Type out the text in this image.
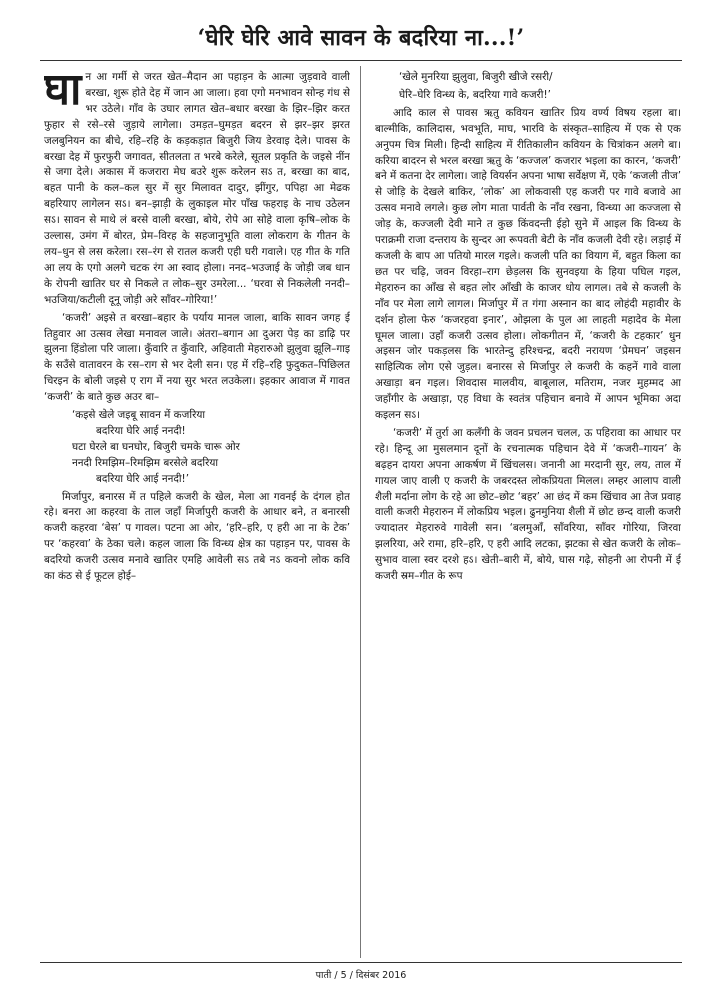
‘घेरि घेरि आवे सावन के बदरिया ना...!’

घान आ गर्मी से जरत खेत–मैदान आ पहाड़न के आत्मा जुड़वावे वाली बरखा, शुरू होते देह में जान आ जाला। हवा एगो मनभावन सोन्ह गंध से भर उठेले। गाँव के उघार लागत खेत–बधार बरखा के झिर–झिर करत फुहार से रसे–रसे जुड़ाये लागेला। उमड़त–घुमड़त बदरन से झर–झर झरत जलबुनियन का बीचे, रहि–रहि के कड़कड़ात बिजुरी जिय डेरवाइ देले। पावस के बरखा देह में फुरफुरी जगावत, सीतलता त भरबे करेले, सूतल प्रकृति के जइसे नींन से जगा देले। अकास में कजरारा मेघ बउरे शुरू करेलन सऽ त, बरखा का बाद, बहत पानी के कल–कल सुर में सुर मिलावत दादुर, झींगुर, पपिहा आ मेढक बहरियाए लागेलन सऽ। बन–झाड़ी के लुकाइल मोर पाँख फहराइ के नाच उठेलन सऽ। सावन से माथे लं बरसे वाली बरखा, बोये, रोपे आ सोहे वाला कृषि–लोक के उल्लास, उमंग में बोरत, प्रेम–विरह के सहजानुभूति वाला लोकराग के गीतन के लय–धुन से लस करेला। रस–रंग से रातल कजरी एही घरी गवाले। एह गीत के गति आ लय के एगो अलगे चटक रंग आ स्वाद होला। ननद–भउजाई के जोड़ी जब धान के रोपनी खातिर घर से निकले त लोक–सुर उमरेला... ‘घरवा से निकलेली ननदी–भउजिया/कटीली दूनू जोड़ी अरे साँवर–गोरिया!’

‘कजरी’ अइसे त बरखा–बहार के पर्याय मानल जाला, बाकि सावन जगह ई तिहुवार आ उत्सव लेखा मनावल जाले। अंतरा–बगान आ दुअरा पेड़ का डाढ़ि पर झुलना हिंडोला परि जाला। कुँवारि त कुँवारि, अहिवाती मेहरारुओ झुलुवा झूलि–गाइ के सउँसे वातावरन के रस–राग से भर देली सन। एह में रहि–रहि फुदुकत–पिछिलत चिरइन के बोली जइसे ए राग में नया सुर भरत लउकेला। इहकार आवाज में गावत ‘कजरी’ के बाते कुछ अउर बा–

‘कइसे खेले जइबू सावन में कजरिया
बदरिया घेरि आई ननदी!
घटा घेरले बा घनघोर, बिजुरी चमके चारू ओर
ननदी रिमझिम–रिमझिम बरसेले बदरिया
बदरिया घेरि आई ननदी!’

मिर्जापुर, बनारस में त पहिले कजरी के खेल, मेला आ गवनई के दंगल होत रहे। बनरा आ कहरवा के ताल जहाँ मिर्जापुरी कजरी के आधार बने, त बनारसी कजरी कहरवा ‘बेस’ प गावल। पटना आ ओर, ‘हरि–हरि, ए हरी आ ना के टेक’ पर ‘कहरवा’ के ठेका चले। कहल जाला कि विन्ध्य क्षेत्र का पहाड़न पर, पावस के बदरियो कजरी उत्सव मनावे खातिर एमहि आवेली सऽ तबे नऽ कवनो लोक कवि का कंठ से ई फूटल होई–

‘खेले मुनरिया झुलुवा, बिजुरी खीजे रसरी/

घेरि–घेरि विन्ध्य के, बदरिया गावे कजरी!’

आदि काल से पावस ऋतु कवियन खातिर प्रिय वर्ण्य विषय रहला बा। बाल्मीकि, कालिदास, भवभूति, माघ, भारवि के संस्कृत–साहित्य में एक से एक अनुपम चित्र मिली। हिन्दी साहित्य में रीतिकालीन कवियन के चित्रांकन अलगे बा। करिया बादरन से भरल बरखा ऋतु के ‘कज्जल’ कजरार भइला का कारन, ‘कजरी’ बने में कतना देर लागेला। जाहे वियर्सन अपना भाषा सर्वेक्षण में, एके ‘कजली तीज’ से जोड़ि के देखले बाकिर, ‘लोक’ आ लोकवासी एह कजरी पर गावे बजावे आ उत्सव मनावे लगले। कुछ लोग माता पार्वती के नाँव रखना, विन्ध्या आ कज्जला से जोड़ के, कज्जली देवी माने त कुछ किंवदन्ती ईहो सुने में आइल कि विन्ध्य के पराक्रमी राजा दन्तराय के सुन्दर आ रूपवती बेटी के नाँव कजली देवी रहे। लड़ाई में कजली के बाप आ पतियो मारल गइले। कजली पति का वियाग में, बहुत किला का छत पर चढ़ि, जवन विरहा–राग छेड़लस कि सुनवइया के हिया पघिल गइल, मेहरारुन का आँख से बहत लोर आँखी के काजर धोय लागल। तबे से कजली के नाँव पर मेला लागे लागल। मिर्जापुर में त गंगा अस्नान का बाद लोहंदी महावीर के दर्शन होला फेरु ‘कजरहवा इनार’, ओझला के पुल आ लाहती महादेव के मेला घूमल जाला। उहाँ कजरी उत्सव होला। लोकगीतन में, ‘कजरी के टहकार’ धुन अइसन जोर पकड़लस कि भारतेन्दु हरिश्चन्द्र, बदरी नरायण ‘प्रेमघन’ जइसन साहित्यिक लोग एसे जुड़ल। बनारस से मिर्जापुर ले कजरी के कहनें गावे वाला अखाड़ा बन गइल। शिवदास मालवीय, बाबूलाल, मतिराम, नजर मुहम्मद आ जहाँगीर के अखाड़ा, एह विधा के स्वतंत्र पहिचान बनावे में आपन भूमिका अदा कइलन सऽ।

‘कजरी’ में तुर्रा आ कलँगी के जवन प्रचलन चलल, ऊ पहिरावा का आधार पर रहे। हिन्दू आ मुसलमान दूनों के रचनात्मक पहिचान देवे में ‘कजरी–गायन’ के बढ़हन दायरा अपना आकर्षण में खिंचलस। जनानी आ मरदानी सुर, लय, ताल में गायल जाए वाली ए कजरी के जबरदस्त लोकप्रियता मिलल। लम्हर आलाप वाली शैली मर्दाना लोग के रहे आ छोट–छोट ‘बहर’ आ छंद में कम खिंचाव आ तेज प्रवाह वाली कजरी मेहरारुन में लोकप्रिय भइल। ढुनमुनिया शैली में छोट छन्द वाली कजरी ज्यादातर मेहरारुवे गावेली सन। ‘बलमुआँ, साँवरिया, साँवर गोरिया, जिरवा झलरिया, अरे रामा, हरि–हरि, ए हरी आदि लटका, झटका से खेत कजरी के लोक–सुभाव वाला स्वर दरशे हऽ। खेती–बारी में, बोये, घास गढ़े, सोहनी आ रोपनी में ई कजरी स्रम–गीत के रूप

पाती / 5 / दिसंबर 2016
